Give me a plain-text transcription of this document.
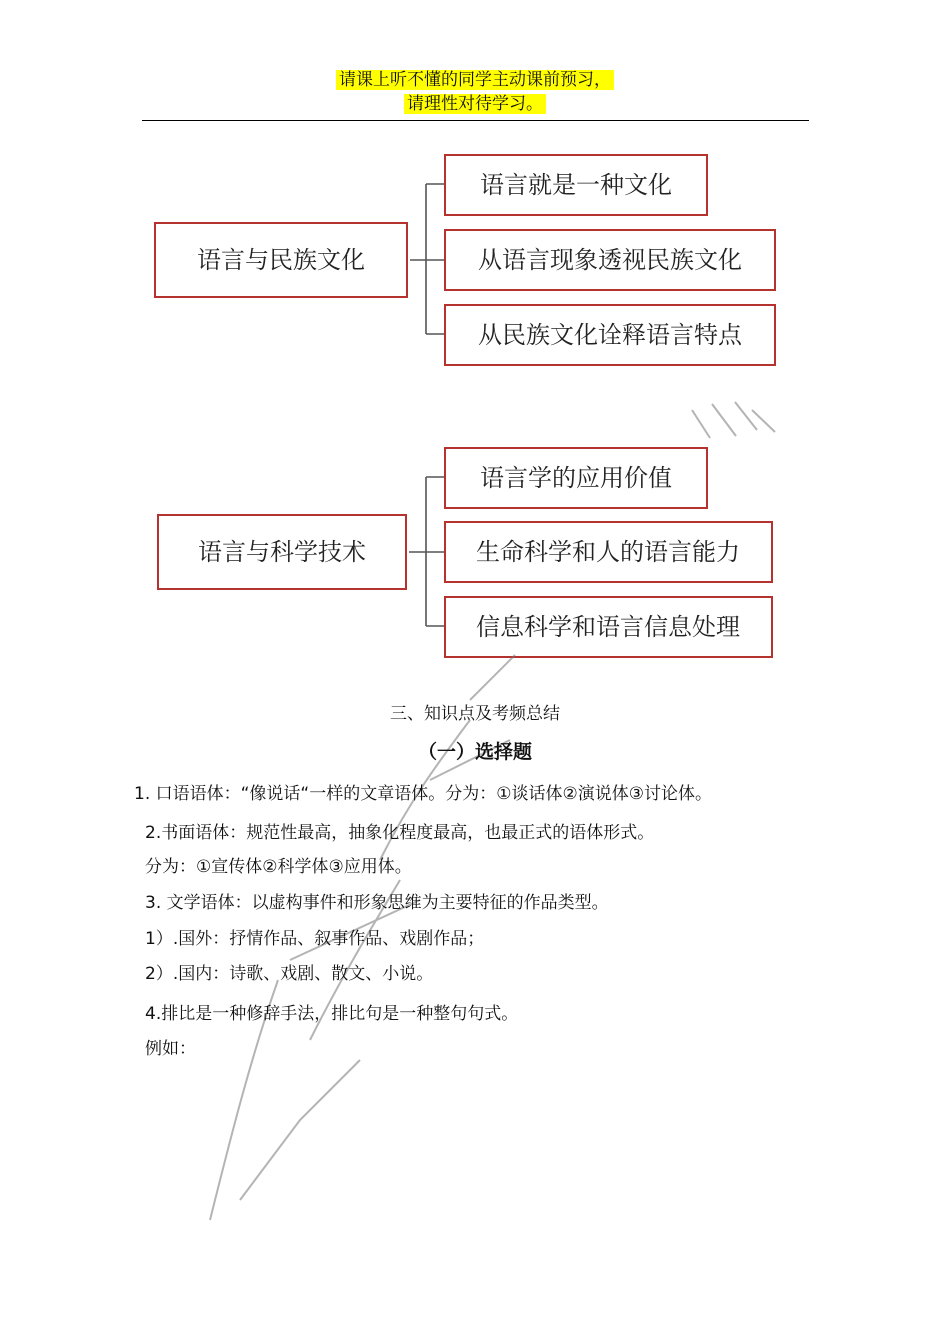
请课上听不懂的同学主动课前预习，
请理性对待学习。
语言与民族文化
语言就是一种文化
从语言现象透视民族文化
从民族文化诠释语言特点
语言与科学技术
语言学的应用价值
生命科学和人的语言能力
信息科学和语言信息处理
三、知识点及考频总结
（一）选择题
1. 口语语体：“像说话“一样的文章语体。分为：①谈话体②演说体③讨论体。
2.书面语体：规范性最高，抽象化程度最高，也最正式的语体形式。
分为：①宣传体②科学体③应用体。
3. 文学语体：以虚构事件和形象思维为主要特征的作品类型。
1）.国外：抒情作品、叙事作品、戏剧作品；
2）.国内：诗歌、戏剧、散文、小说。
4.排比是一种修辞手法，排比句是一种整句句式。
例如：
